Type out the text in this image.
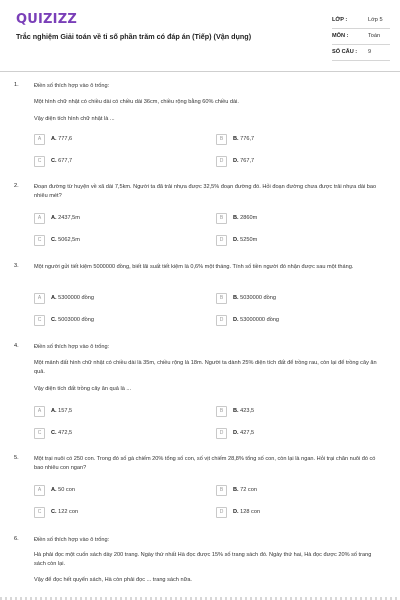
QUIZIZZ
Trắc nghiệm Giải toán về tỉ số phần trăm có đáp án (Tiếp) (Vận dụng)
LỚP :	Lớp 5
MÔN :	Toán
SỐ CÂU : 9
1.	Điền số thích hợp vào ô trống:
Một hình chữ nhật có chiều dài có chiều dài 36cm, chiều rộng bằng 60% chiều dài.
Vậy diện tích hình chữ nhật là ...
A	A. 777,6	B	B. 776,7
C	C. 677,7	D	D. 767,7
2.	Đoạn đường từ huyện về xã dài 7,5km. Người ta đã trải nhựa được 32,5% đoạn đường đó. Hỏi đoạn đường chưa được trải nhựa dài bao nhiêu mét?
A	A. 2437,5m	B	B. 2860m
C	C. 5062,5m	D	D. 5250m
3.	Một người gửi tiết kiệm 5000000 đồng, biết lãi suất tiết kiệm là 0,6% một tháng. Tính số tiền người đó nhận được sau một tháng.
A	A. 5300000 đồng	B	B. 5030000 đồng
C	C. 5003000 đồng	D	D. 53000000 đồng
4.	Điền số thích hợp vào ô trống:
Một mảnh đất hình chữ nhật có chiều dài là 35m, chiều rộng là 18m. Người ta dành 25% diện tích đất để trồng rau, còn lại để trồng cây ăn quả.
Vậy diện tích đất trồng cây ăn quả là ...
A	A. 157,5	B	B. 423,5
C	C. 472,5	D	D. 427,5
5.	Một trại nuôi có 250 con. Trong đó số gà chiếm 20% tổng số con, số vịt chiếm 28,8% tổng số con, còn lại là ngan. Hỏi trại chăn nuôi đó có bao nhiêu con ngan?
A	A. 50 con	B	B. 72 con
C	C. 122 con	D	D. 128 con
6.	Điền số thích hợp vào ô trống:
Hà phải đọc một cuốn sách dày 200 trang. Ngày thứ nhất Hà đọc được 15% số trang sách đó. Ngày thứ hai, Hà đọc được 20% số trang sách còn lại.
Vậy để đọc hết quyển sách, Hà còn phải đọc ... trang sách nữa.
